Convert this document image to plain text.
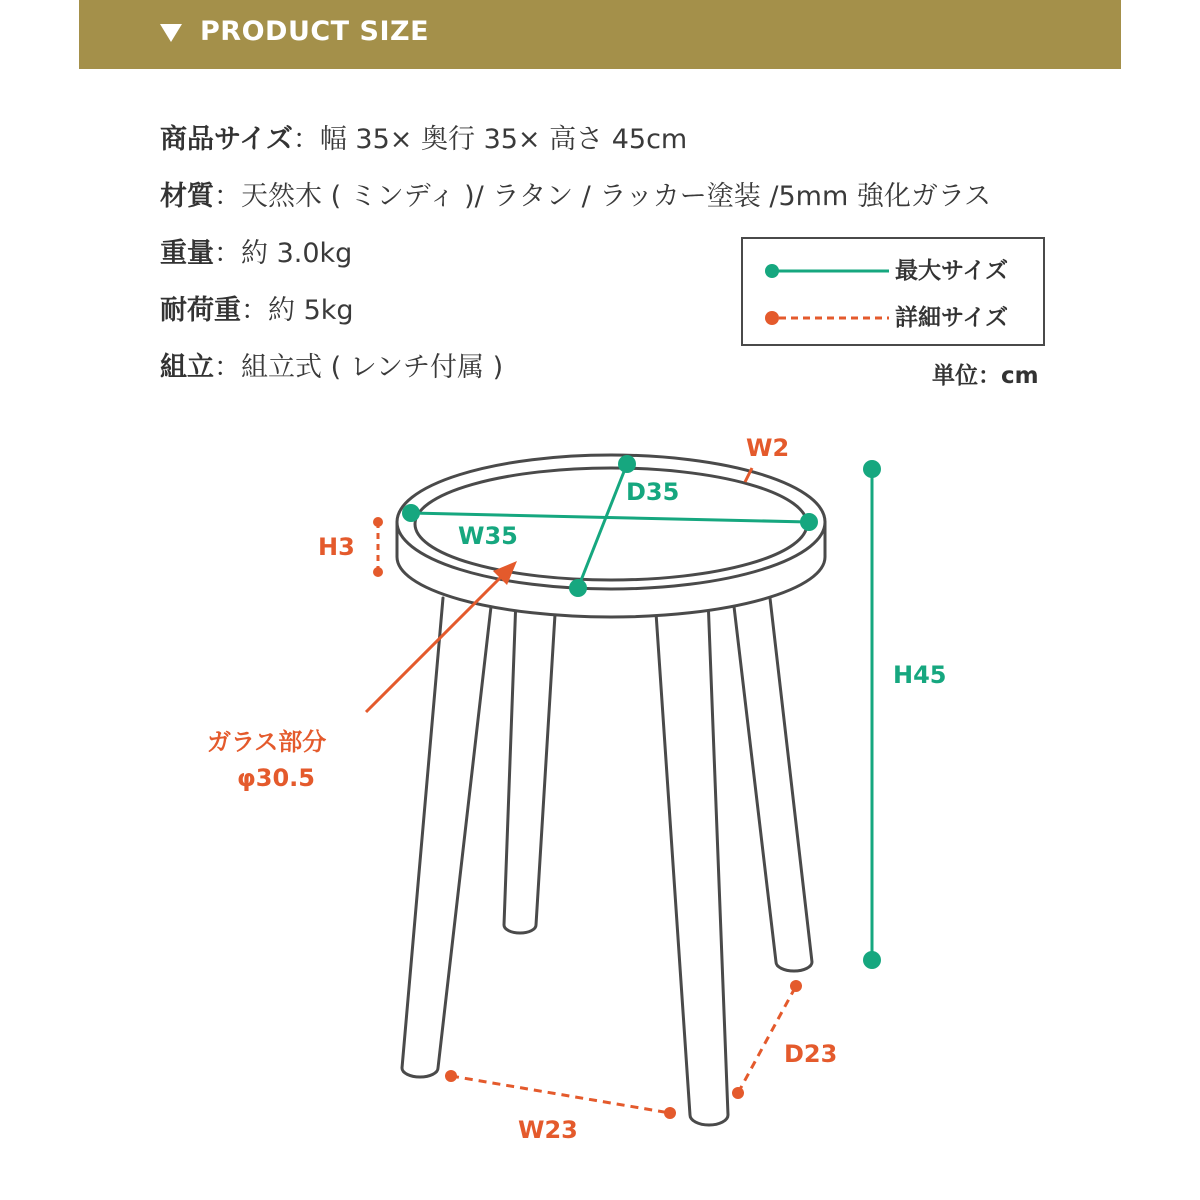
PRODUCT SIZE
商品サイズ ： 幅 35× 奥行 35× 高さ 45cm
材質 ： 天然木 ( ミンディ )/ ラタン / ラッカー塗装 /5mm 強化ガラス
重量 ： 約 3.0kg
耐荷重 ： 約 5kg
組立 ： 組立式 ( レンチ付属 )
最大サイズ
詳細サイズ
単位：cm
W2
D35
W35
H3
H45
ガラス部分
φ30.5
D23
W23
